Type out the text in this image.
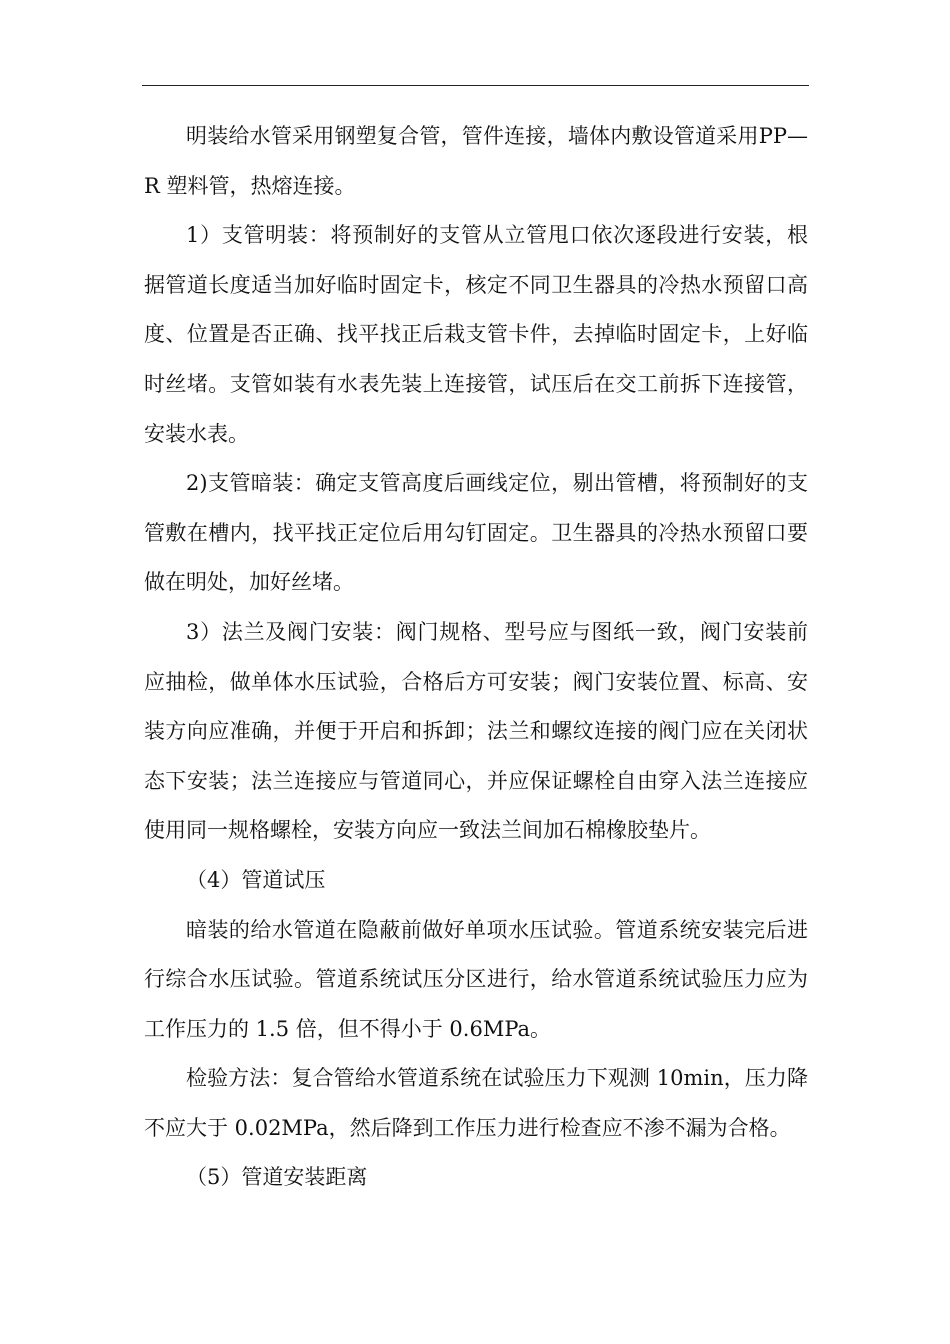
明装给水管采用钢塑复合管，管件连接，墙体内敷设管道采用PP—R 塑料管，热熔连接。

1）支管明装：将预制好的支管从立管甩口依次逐段进行安装，根据管道长度适当加好临时固定卡，核定不同卫生器具的冷热水预留口高度、位置是否正确、找平找正后栽支管卡件，去掉临时固定卡，上好临时丝堵。支管如装有水表先装上连接管，试压后在交工前拆下连接管，安装水表。

2)支管暗装：确定支管高度后画线定位，剔出管槽，将预制好的支管敷在槽内，找平找正定位后用勾钉固定。卫生器具的冷热水预留口要做在明处，加好丝堵。

3）法兰及阀门安装：阀门规格、型号应与图纸一致，阀门安装前应抽检，做单体水压试验，合格后方可安装；阀门安装位置、标高、安装方向应准确，并便于开启和拆卸；法兰和螺纹连接的阀门应在关闭状态下安装；法兰连接应与管道同心，并应保证螺栓自由穿入法兰连接应使用同一规格螺栓，安装方向应一致法兰间加石棉橡胶垫片。

（4）管道试压

暗装的给水管道在隐蔽前做好单项水压试验。管道系统安装完后进行综合水压试验。管道系统试压分区进行，给水管道系统试验压力应为工作压力的 1.5 倍，但不得小于 0.6MPa。

检验方法：复合管给水管道系统在试验压力下观测 10min，压力降不应大于 0.02MPa，然后降到工作压力进行检查应不渗不漏为合格。

（5）管道安装距离
